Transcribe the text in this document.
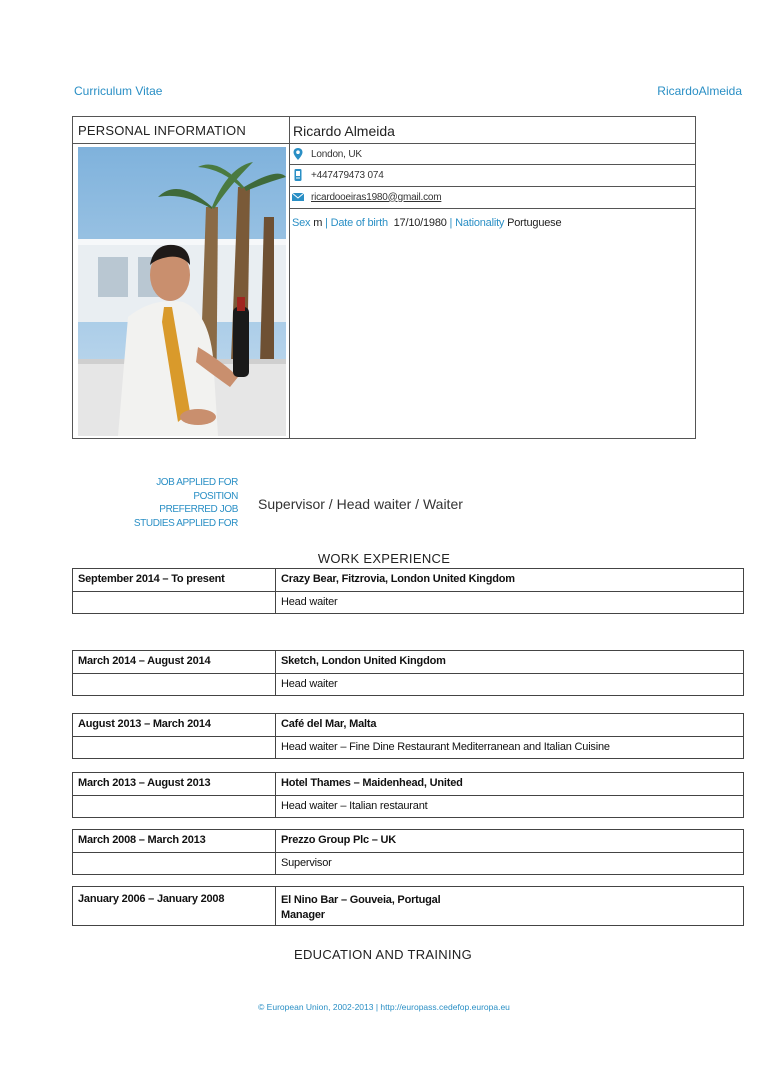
Curriculum Vitae	RicardoAlmeida
PERSONAL INFORMATION	Ricardo Almeida
London, UK
+447479473 074
ricardooeiras1980@gmail.com
Sex m | Date of birth 17/10/1980 | Nationality Portuguese
JOB APPLIED FOR
POSITION
PREFERRED JOB
STUDIES APPLIED FOR
Supervisor / Head waiter / Waiter
WORK EXPERIENCE
September 2014 – To present	Crazy Bear, Fitzrovia, London United Kingdom
Head waiter
March 2014 – August 2014	Sketch, London United Kingdom
Head waiter
August 2013 – March 2014	Café del Mar, Malta
Head waiter – Fine Dine Restaurant Mediterranean and Italian Cuisine
March 2013 – August 2013	Hotel Thames – Maidenhead, United
Head waiter – Italian restaurant
March 2008 – March 2013	Prezzo Group Plc – UK
Supervisor
January 2006 – January 2008	El Nino Bar – Gouveia, Portugal
Manager
EDUCATION AND TRAINING
© European Union, 2002-2013 | http://europass.cedefop.europa.eu
